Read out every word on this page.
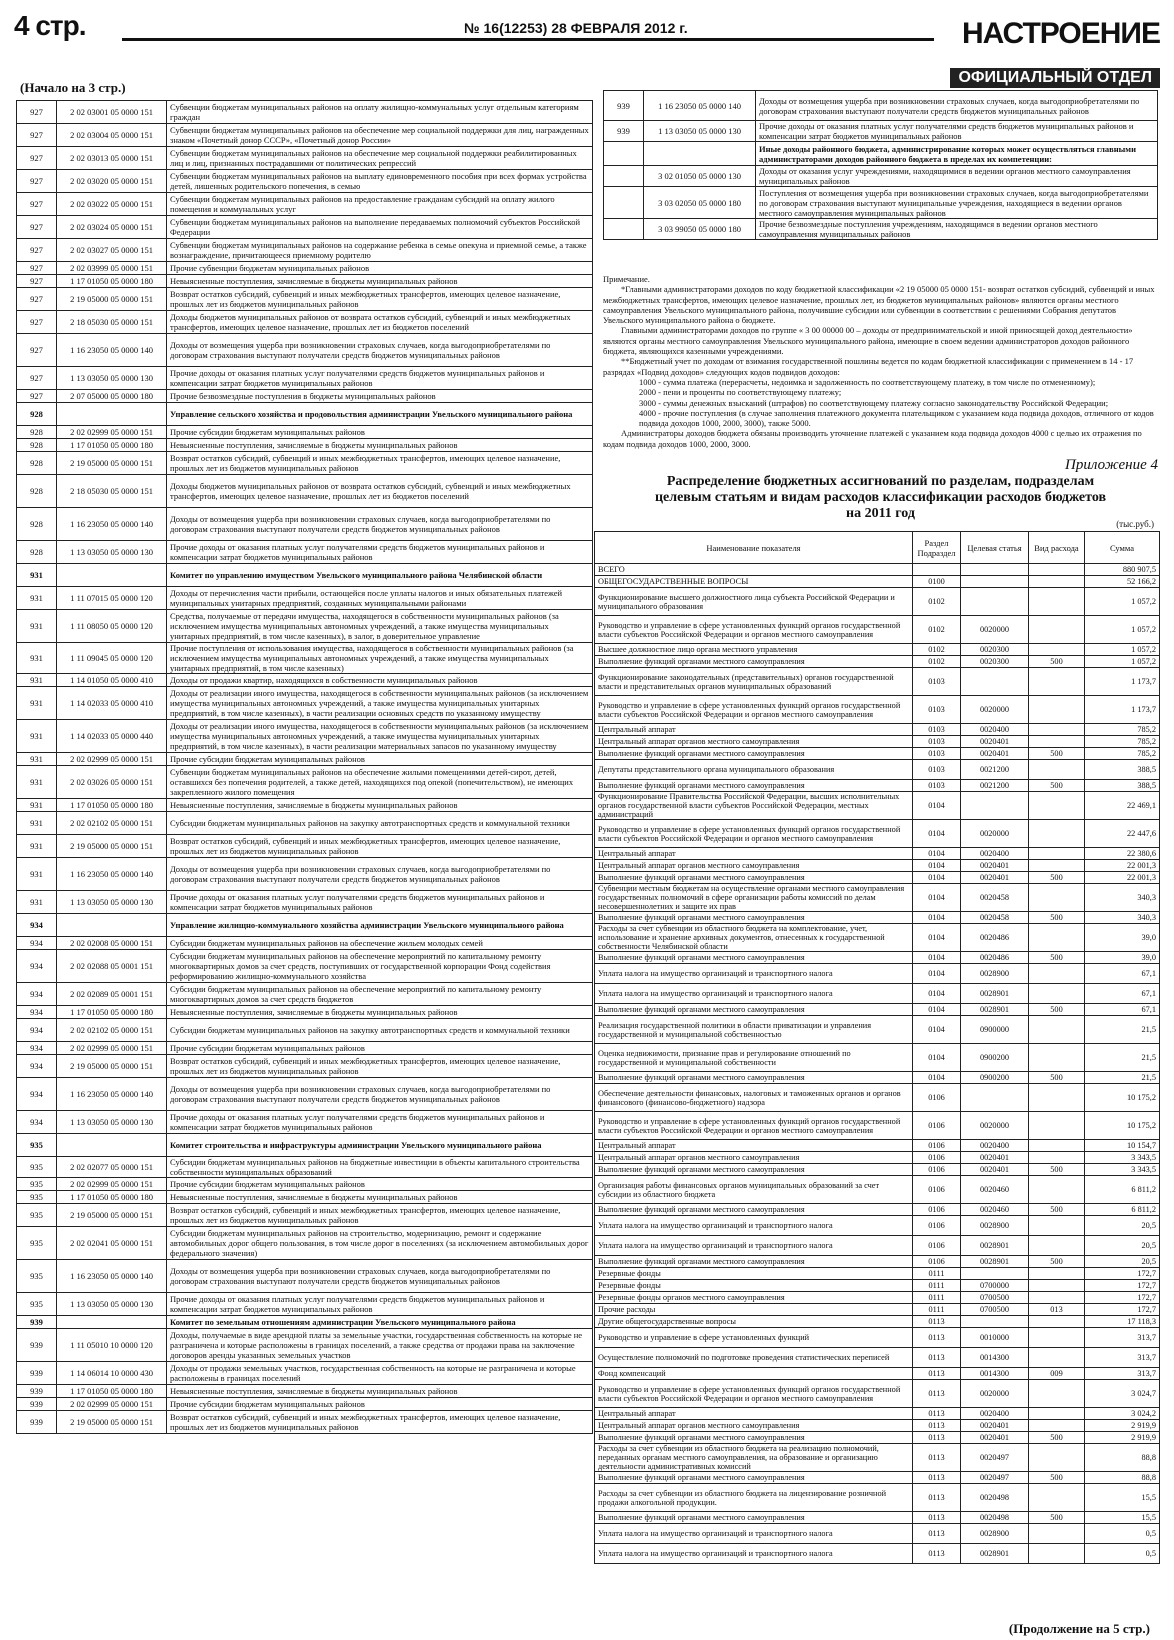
4 стр.	№ 16(12253) 28 ФЕВРАЛЯ 2012 г.	НАСТРОЕНИЕ
ОФИЦИАЛЬНЫЙ ОТДЕЛ
(Начало на 3 стр.)
927	2 02 03001 05 0000 151	Субвенции бюджетам муниципальных районов на оплату жилищно-коммунальных услуг отдельным категориям граждан
927	2 02 03004 05 0000 151	Субвенции бюджетам муниципальных районов на обеспечение мер социальной поддержки для лиц, награжденных знаком «Почетный донор СССР», «Почетный донор России»
927	2 02 03013 05 0000 151	Субвенции бюджетам муниципальных районов на обеспечение мер социальной поддержки реабилитированных лиц и лиц, признанных пострадавшими от политических репрессий
927	2 02 03020 05 0000 151	Субвенции бюджетам муниципальных районов на выплату единовременного пособия при всех формах устройства детей, лишенных родительского попечения, в семью
927	2 02 03022 05 0000 151	Субвенции бюджетам муниципальных районов на предоставление гражданам субсидий на оплату жилого помещения и коммунальных услуг
927	2 02 03024 05 0000 151	Субвенции бюджетам муниципальных районов на выполнение передаваемых полномочий субъектов Российской Федерации
927	2 02 03027 05 0000 151	Субвенции бюджетам муниципальных районов на содержание ребенка в семье опекуна и приемной семье, а также вознаграждение, причитающееся приемному родителю
927	2 02 03999 05 0000 151	Прочие субвенции бюджетам муниципальных районов
927	1 17 01050 05 0000 180	Невыясненные поступления, зачисляемые в бюджеты муниципальных районов
927	2 19 05000 05 0000 151	Возврат остатков субсидий, субвенций и иных межбюджетных трансфертов, имеющих целевое назначение, прошлых лет из бюджетов муниципальных районов
927	2 18 05030 05 0000 151	Доходы бюджетов муниципальных районов от возврата остатков субсидий, субвенций и иных межбюджетных трансфертов, имеющих целевое назначение, прошлых лет из бюджетов поселений
927	1 16 23050 05 0000 140	Доходы от возмещения ущерба при возникновении страховых случаев, когда выгодоприобретателями по договорам страхования выступают получатели средств бюджетов муниципальных районов
927	1 13 03050 05 0000 130	Прочие доходы от оказания платных услуг получателями средств бюджетов муниципальных районов и компенсации затрат бюджетов муниципальных районов
927	2 07 05000 05 0000 180	Прочие безвозмездные поступления в бюджеты муниципальных районов
928		Управление сельского хозяйства и продовольствия администрации Увельского муниципального района
928	2 02 02999 05 0000 151	Прочие субсидии бюджетам муниципальных районов
928	1 17 01050 05 0000 180	Невыясненные поступления, зачисляемые в бюджеты муниципальных районов
928	2 19 05000 05 0000 151	Возврат остатков субсидий, субвенций и иных межбюджетных трансфертов, имеющих целевое назначение, прошлых лет из бюджетов муниципальных районов
928	2 18 05030 05 0000 151	Доходы бюджетов муниципальных районов от возврата остатков субсидий, субвенций и иных межбюджетных трансфертов, имеющих целевое назначение, прошлых лет из бюджетов поселений
928	1 16 23050 05 0000 140	Доходы от возмещения ущерба при возникновении страховых случаев, когда выгодоприобретателями по договорам страхования выступают получатели средств бюджетов муниципальных районов
928	1 13 03050 05 0000 130	Прочие доходы от оказания платных услуг получателями средств бюджетов муниципальных районов и компенсации затрат бюджетов муниципальных районов
931		Комитет по управлению имуществом Увельского муниципального района Челябинской области
931	1 11 07015 05 0000 120	Доходы от перечисления части прибыли, остающейся после уплаты налогов и иных обязательных платежей муниципальных унитарных предприятий, созданных муниципальными районами
931	1 11 08050 05 0000 120	Средства, получаемые от передачи имущества, находящегося в собственности муниципальных районов (за исключением имущества муниципальных автономных учреждений, а также имущества муниципальных унитарных предприятий, в том числе казенных), в залог, в доверительное управление
931	1 11 09045 05 0000 120	Прочие поступления от использования имущества, находящегося в собственности муниципальных районов (за исключением имущества муниципальных автономных учреждений, а также имущества муниципальных унитарных предприятий, в том числе казенных)
931	1 14 01050 05 0000 410	Доходы от продажи квартир, находящихся в собственности муниципальных районов
931	1 14 02033 05 0000 410	Доходы от реализации иного имущества, находящегося в собственности муниципальных районов (за исключением имущества муниципальных автономных учреждений, а также имущества муниципальных унитарных предприятий, в том числе казенных), в части реализации основных средств по указанному имуществу
931	1 14 02033 05 0000 440	Доходы от реализации иного имущества, находящегося в собственности муниципальных районов (за исключением имущества муниципальных автономных учреждений, а также имущества муниципальных унитарных предприятий, в том числе казенных), в части реализации материальных запасов по указанному имуществу
931	2 02 02999 05 0000 151	Прочие субсидии бюджетам муниципальных районов
931	2 02 03026 05 0000 151	Субвенции бюджетам муниципальных районов на обеспечение жилыми помещениями детей-сирот, детей, оставшихся без попечения родителей, а также детей, находящихся под опекой (попечительством), не имеющих закрепленного жилого помещения
931	1 17 01050 05 0000 180	Невыясненные поступления, зачисляемые в бюджеты муниципальных районов
931	2 02 02102 05 0000 151	Субсидии бюджетам муниципальных районов на закупку автотранспортных средств и коммунальной техники
931	2 19 05000 05 0000 151	Возврат остатков субсидий, субвенций и иных межбюджетных трансфертов, имеющих целевое назначение, прошлых лет из бюджетов муниципальных районов
931	1 16 23050 05 0000 140	Доходы от возмещения ущерба при возникновении страховых случаев, когда выгодоприобретателями по договорам страхования выступают получатели средств бюджетов муниципальных районов
931	1 13 03050 05 0000 130	Прочие доходы от оказания платных услуг получателями средств бюджетов муниципальных районов и компенсации затрат бюджетов муниципальных районов
934		Управление жилищно-коммунального хозяйства администрации Увельского муниципального района
934	2 02 02008 05 0000 151	Субсидии бюджетам муниципальных районов на обеспечение жильем молодых семей
934	2 02 02088 05 0001 151	Субсидии бюджетам муниципальных районов на обеспечение мероприятий по капитальному ремонту многоквартирных домов за счет средств, поступивших от государственной корпорации Фонд содействия реформированию жилищно-коммунального хозяйства
934	2 02 02089 05 0001 151	Субсидии бюджетам муниципальных районов на обеспечение мероприятий по капитальному ремонту многоквартирных домов за счет средств бюджетов
934	1 17 01050 05 0000 180	Невыясненные поступления, зачисляемые в бюджеты муниципальных районов
934	2 02 02102 05 0000 151	Субсидии бюджетам муниципальных районов на закупку автотранспортных средств и коммунальной техники
934	2 02 02999 05 0000 151	Прочие субсидии бюджетам муниципальных районов
934	2 19 05000 05 0000 151	Возврат остатков субсидий, субвенций и иных межбюджетных трансфертов, имеющих целевое назначение, прошлых лет из бюджетов муниципальных районов
934	1 16 23050 05 0000 140	Доходы от возмещения ущерба при возникновении страховых случаев, когда выгодоприобретателями по договорам страхования выступают получатели средств бюджетов муниципальных районов
934	1 13 03050 05 0000 130	Прочие доходы от оказания платных услуг получателями средств бюджетов муниципальных районов и компенсации затрат бюджетов муниципальных районов
935		Комитет строительства и инфраструктуры администрации Увельского муниципального района
935	2 02 02077 05 0000 151	Субсидии бюджетам муниципальных районов на бюджетные инвестиции в объекты капитального строительства собственности муниципальных образований
935	2 02 02999 05 0000 151	Прочие субсидии бюджетам муниципальных районов
935	1 17 01050 05 0000 180	Невыясненные поступления, зачисляемые в бюджеты муниципальных районов
935	2 19 05000 05 0000 151	Возврат остатков субсидий, субвенций и иных межбюджетных трансфертов, имеющих целевое назначение, прошлых лет из бюджетов муниципальных районов
935	2 02 02041 05 0000 151	Субсидии бюджетам муниципальных районов на строительство, модернизацию, ремонт и содержание автомобильных дорог общего пользования, в том числе дорог в поселениях (за исключением автомобильных дорог федерального значения)
935	1 16 23050 05 0000 140	Доходы от возмещения ущерба при возникновении страховых случаев, когда выгодоприобретателями по договорам страхования выступают получатели средств бюджетов муниципальных районов
935	1 13 03050 05 0000 130	Прочие доходы от оказания платных услуг получателями средств бюджетов муниципальных районов и компенсации затрат бюджетов муниципальных районов
939		Комитет по земельным отношениям администрации Увельского муниципального района
939	1 11 05010 10 0000 120	Доходы, получаемые в виде арендной платы за земельные участки, государственная собственность на которые не разграничена и которые расположены в границах поселений, а также средства от продажи права на заключение договоров аренды указанных земельных участков
939	1 14 06014 10 0000 430	Доходы от продажи земельных участков, государственная собственность на которые не разграничена и которые расположены в границах поселений
939	1 17 01050 05 0000 180	Невыясненные поступления, зачисляемые в бюджеты муниципальных районов
939	2 02 02999 05 0000 151	Прочие субсидии бюджетам муниципальных районов
939	2 19 05000 05 0000 151	Возврат остатков субсидий, субвенций и иных межбюджетных трансфертов, имеющих целевое назначение, прошлых лет из бюджетов муниципальных районов
939	1 16 23050 05 0000 140	Доходы от возмещения ущерба при возникновении страховых случаев, когда выгодоприобретателями по договорам страхования выступают получатели средств бюджетов муниципальных районов
939	1 13 03050 05 0000 130	Прочие доходы от оказания платных услуг получателями средств бюджетов муниципальных районов и компенсации затрат бюджетов муниципальных районов
		Иные доходы районного бюджета, администрирование которых может осуществляться главными администраторами доходов районного бюджета в пределах их компетенции:
	3 02 01050 05 0000 130	Доходы от оказания услуг учреждениями, находящимися в ведении органов местного самоуправления муниципальных районов
	3 03 02050 05 0000 180	Поступления от возмещения ущерба при возникновении страховых случаев, когда выгодоприобретателями по договорам страхования выступают муниципальные учреждения, находящиеся в ведении органов местного самоуправления муниципальных районов
	3 03 99050 05 0000 180	Прочие безвозмездные поступления учреждениям, находящимся в ведении органов местного самоуправления муниципальных районов

Примечание.

*Главными администраторами доходов по коду бюджетной классификации «2 19 05000 05 0000 151- возврат остатков субсидий, субвенций и иных межбюджетных трансфертов, имеющих целевое назначение, прошлых лет, из бюджетов муниципальных районов» являются органы местного самоуправления Увельского муниципального района, получившие субсидии или субвенции в соответствии с решениями Собрания депутатов Увельского муниципального района о бюджете.

Главными администраторами доходов по группе « 3 00 00000 00 – доходы от предпринимательской и иной приносящей доход деятельности» являются органы местного самоуправления Увельского муниципального района, имеющие в своем ведении администраторов доходов районного бюджета, являющихся казенными учреждениями.

**Бюджетный учет по доходам от взимания государственной пошлины ведется по кодам бюджетной классификации с применением в 14 - 17 разрядах «Подвид доходов» следующих кодов подвидов доходов:

1000 - сумма платежа (перерасчеты, недоимка и задолженность по соответствующему платежу, в том числе по отмененному);

2000 - пени и проценты по соответствующему платежу;

3000 - суммы денежных взысканий (штрафов) по соответствующему платежу согласно законодательству Российской Федерации;

4000 - прочие поступления (в случае заполнения платежного документа плательщиком с указанием кода подвида доходов, отличного от кодов подвида доходов 1000, 2000, 3000), также 5000.

Администраторы доходов бюджета обязаны производить уточнение платежей с указанием кода подвида доходов 4000 с целью их отражения по кодам подвида доходов 1000, 2000, 3000.

Приложение 4
Распределение бюджетных ассигнований по разделам, подразделам
целевым статьям и видам расходов классификации расходов бюджетов
на 2011 год
(тыс.руб.)
Наименование показателя	Раздел Подраздел	Целевая статья	Вид расхода	Сумма
ВСЕГО				880 907,5
ОБЩЕГОСУДАРСТВЕННЫЕ ВОПРОСЫ	0100			52 166,2
Функционирование высшего должностного лица субъекта Российской Федерации и муниципального образования	0102			1 057,2
Руководство и управление в сфере установленных функций органов государственной власти субъектов Российской Федерации и органов местного самоуправления	0102	0020000		1 057,2
Высшее должностное лицо органа местного управления	0102	0020300		1 057,2
Выполнение функций органами местного самоуправления	0102	0020300	500	1 057,2
Функционирование законодательных (представительных) органов государственной власти и представительных органов муниципальных образований	0103			1 173,7
Руководство и управление в сфере установленных функций органов государственной власти субъектов Российской Федерации и органов местного самоуправления	0103	0020000		1 173,7
Центральный аппарат	0103	0020400		785,2
Центральный аппарат органов местного самоуправления	0103	0020401		785,2
Выполнение функций органами местного самоуправления	0103	0020401	500	785,2
Депутаты представительного органа муниципального образования	0103	0021200		388,5
Выполнение функций органами местного самоуправления	0103	0021200	500	388,5
Функционирование Правительства Российской Федерации, высших исполнительных органов государственной власти субъектов Российской Федерации, местных администраций	0104			22 469,1
Руководство и управление в сфере установленных функций органов государственной власти субъектов Российской Федерации и органов местного самоуправления	0104	0020000		22 447,6
Центральный аппарат	0104	0020400		22 380,6
Центральный аппарат органов местного самоуправления	0104	0020401		22 001,3
Выполнение функций органами местного самоуправления	0104	0020401	500	22 001,3
Субвенции местным бюджетам на осуществление органами местного самоуправления государственных полномочий в сфере организации работы комиссий по делам несовершеннолетних и защите их прав	0104	0020458		340,3
Выполнение функций органами местного самоуправления	0104	0020458	500	340,3
Расходы за счет субвенции из областного бюджета на комплектование, учет, использование и хранение архивных документов, отнесенных к государственной собственности Челябинской области	0104	0020486		39,0
Выполнение функций органами местного самоуправления	0104	0020486	500	39,0
Уплата налога на имущество организаций и транспортного налога	0104	0028900		67,1
Уплата налога на имущество организаций и транспортного налога	0104	0028901		67,1
Выполнение функций органами местного самоуправления	0104	0028901	500	67,1
Реализация государственной политики в области приватизации и управления государственной и муниципальной собственностью	0104	0900000		21,5
Оценка недвижимости, признание прав и регулирование отношений по государственной и муниципальной собственности	0104	0900200		21,5
Выполнение функций органами местного самоуправления	0104	0900200	500	21,5
Обеспечение деятельности финансовых, налоговых и таможенных органов и органов финансового (финансово-бюджетного) надзора	0106			10 175,2
Руководство и управление в сфере установленных функций органов государственной власти субъектов Российской Федерации и органов местного самоуправления	0106	0020000		10 175,2
Центральный аппарат	0106	0020400		10 154,7
Центральный аппарат органов местного самоуправления	0106	0020401		3 343,5
Выполнение функций органами местного самоуправления	0106	0020401	500	3 343,5
Организация работы финансовых органов муниципальных образований за счет субсидии из областного бюджета	0106	0020460		6 811,2
Выполнение функций органами местного самоуправления	0106	0020460	500	6 811,2
Уплата налога на имущество организаций и транспортного налога	0106	0028900		20,5
Уплата налога на имущество организаций и транспортного налога	0106	0028901		20,5
Выполнение функций органами местного самоуправления	0106	0028901	500	20,5
Резервные фонды	0111			172,7
Резервные фонды	0111	0700000		172,7
Резервные фонды органов местного самоуправления	0111	0700500		172,7
Прочие расходы	0111	0700500	013	172,7
Другие общегосударственные вопросы	0113			17 118,3
Руководство и управление в сфере установленных функций	0113	0010000		313,7
Осуществление полномочий по подготовке проведения статистических переписей	0113	0014300		313,7
Фонд компенсаций	0113	0014300	009	313,7
Руководство и управление в сфере установленных функций органов государственной власти субъектов Российской Федерации и органов местного самоуправления	0113	0020000		3 024,7
Центральный аппарат	0113	0020400		3 024,2
Центральный аппарат органов местного самоуправления	0113	0020401		2 919,9
Выполнение функций органами местного самоуправления	0113	0020401	500	2 919,9
Расходы за счет субвенции из областного бюджета на реализацию полномочий, переданных органам местного самоуправления, на образование и организацию деятельности административных комиссий	0113	0020497		88,8
Выполнение функций органами местного самоуправления	0113	0020497	500	88,8
Расходы за счет субвенции из областного бюджета на лицензирование розничной продажи алкогольной продукции.	0113	0020498		15,5
Выполнение функций органами местного самоуправления	0113	0020498	500	15,5
Уплата налога на имущество организаций и транспортного налога	0113	0028900		0,5
Уплата налога на имущество организаций и транспортного налога	0113	0028901		0,5
(Продолжение на 5 стр.)
